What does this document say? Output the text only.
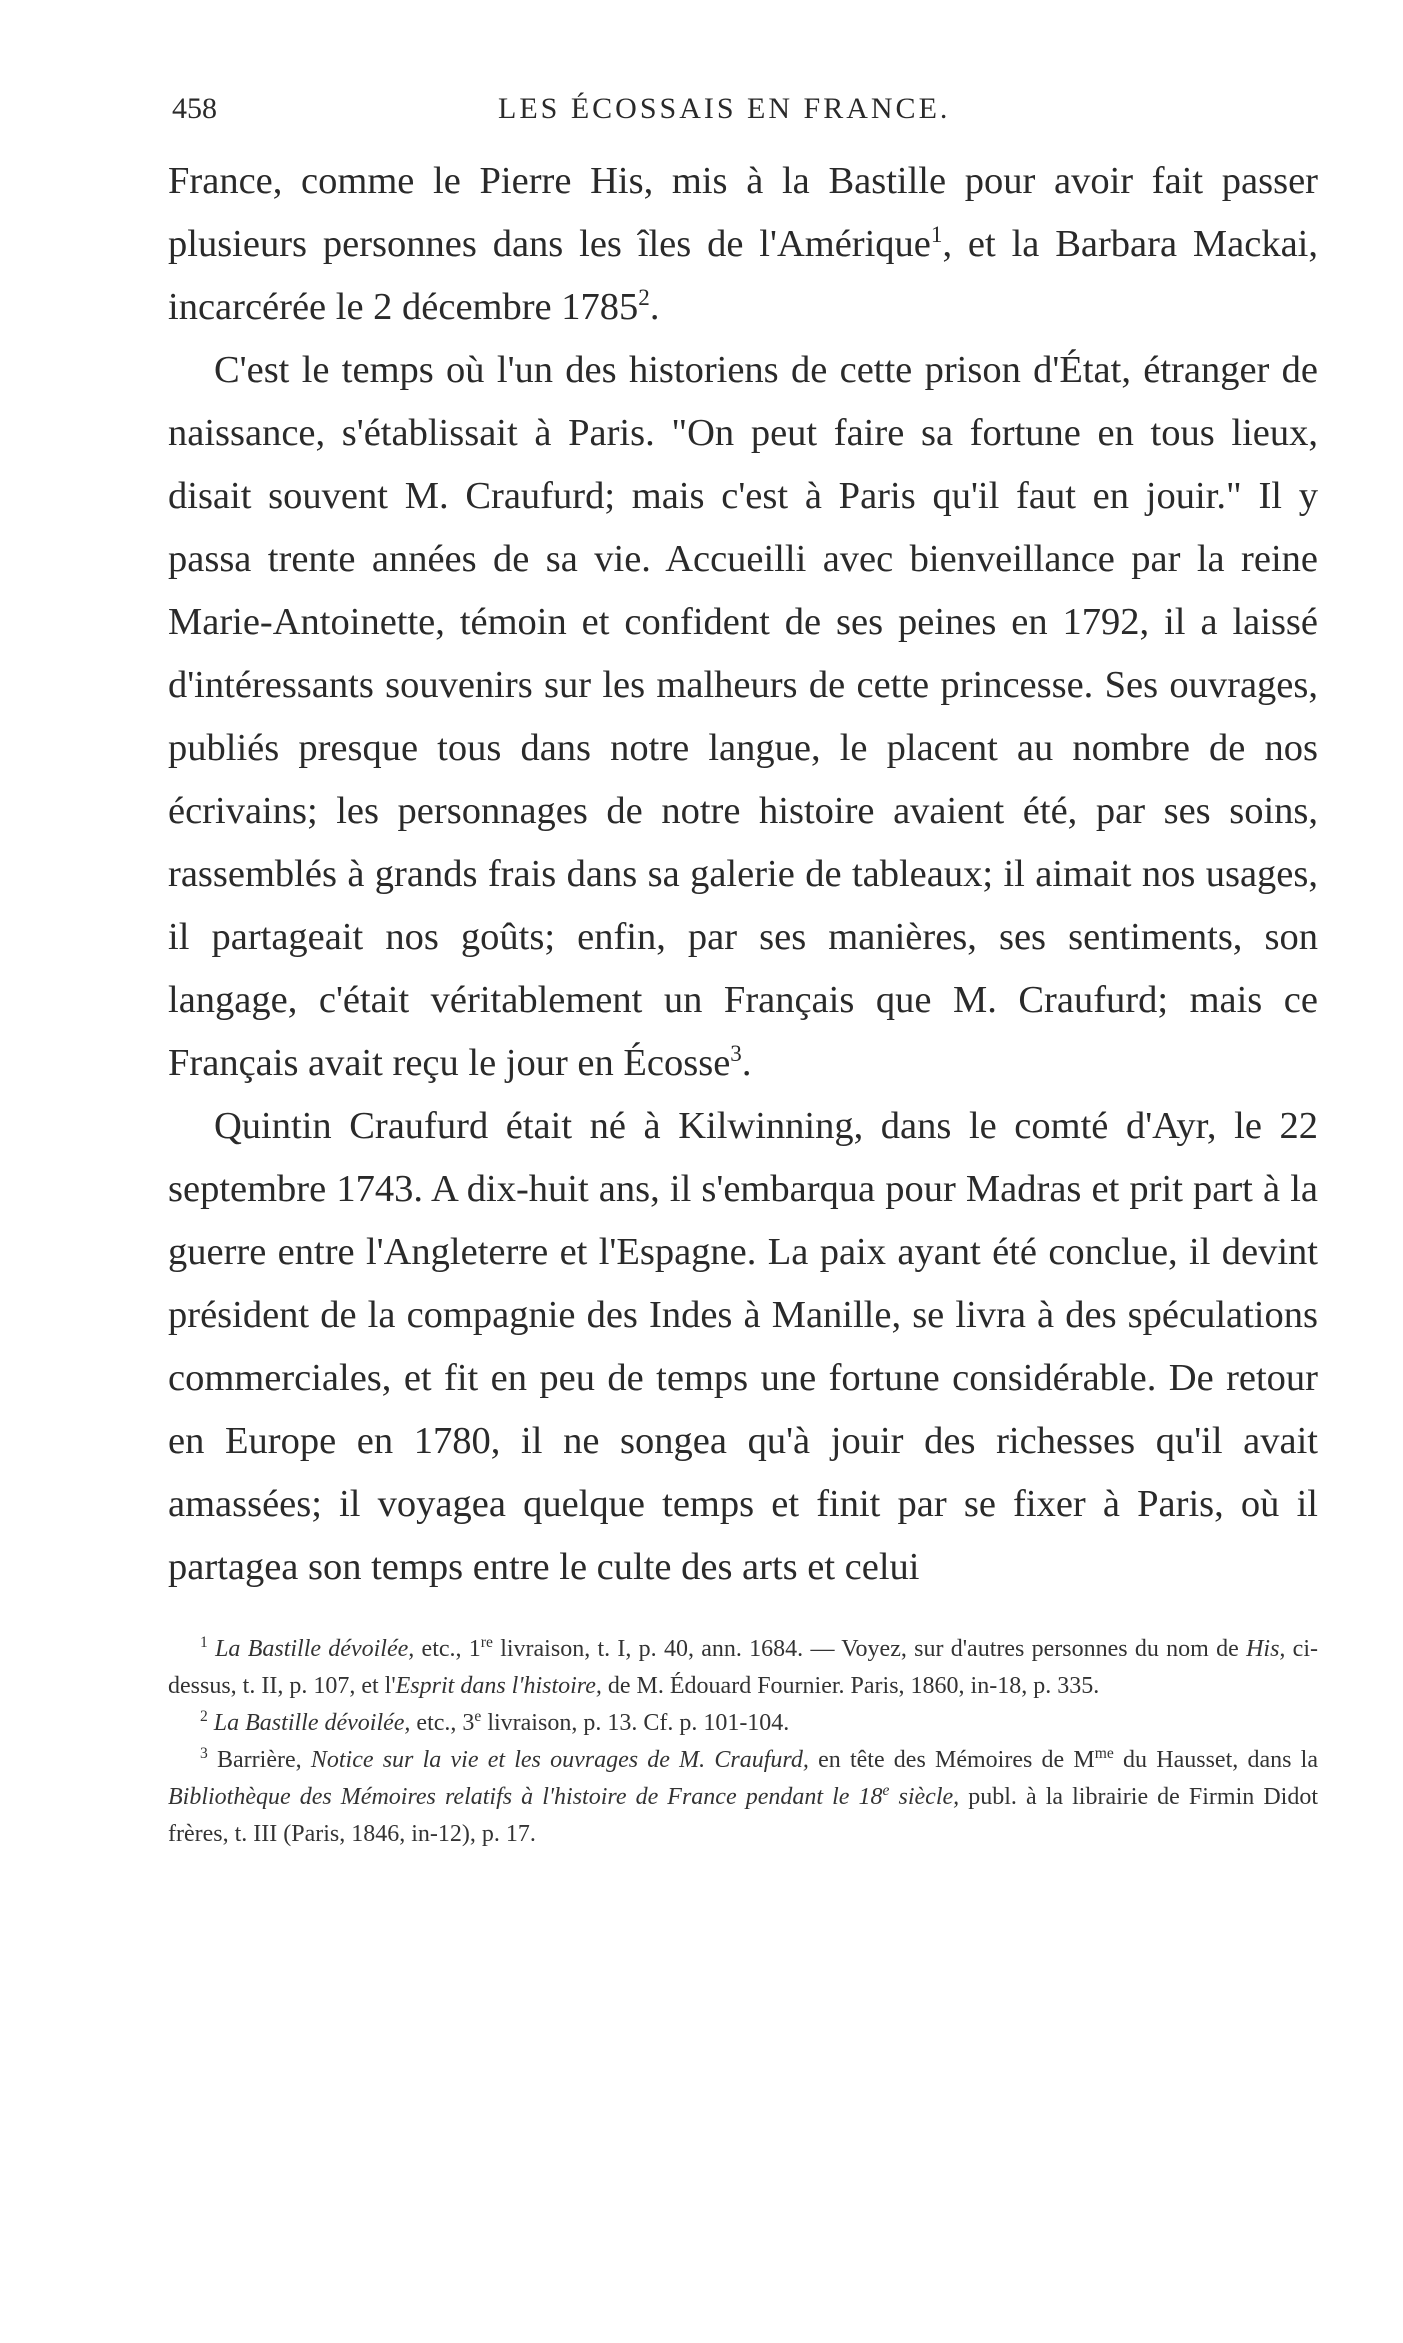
458	LES ÉCOSSAIS EN FRANCE.

France, comme le Pierre His, mis à la Bastille pour avoir fait passer plusieurs personnes dans les îles de l'Amérique$^1$, et la Barbara Mackai, incarcérée le 2 décembre 1785$^2$.

C'est le temps où l'un des historiens de cette prison d'État, étranger de naissance, s'établissait à Paris. "On peut faire sa fortune en tous lieux, disait souvent M. Craufurd; mais c'est à Paris qu'il faut en jouir." Il y passa trente années de sa vie. Accueilli avec bienveillance par la reine Marie-Antoinette, témoin et confident de ses peines en 1792, il a laissé d'intéressants souvenirs sur les malheurs de cette princesse. Ses ouvrages, publiés presque tous dans notre langue, le placent au nombre de nos écrivains; les personnages de notre histoire avaient été, par ses soins, rassemblés à grands frais dans sa galerie de tableaux; il aimait nos usages, il partageait nos goûts; enfin, par ses manières, ses sentiments, son langage, c'était véritablement un Français que M. Craufurd; mais ce Français avait reçu le jour en Écosse$^3$.

Quintin Craufurd était né à Kilwinning, dans le comté d'Ayr, le 22 septembre 1743. A dix-huit ans, il s'embarqua pour Madras et prit part à la guerre entre l'Angleterre et l'Espagne. La paix ayant été conclue, il devint président de la compagnie des Indes à Manille, se livra à des spéculations commerciales, et fit en peu de temps une fortune considérable. De retour en Europe en 1780, il ne songea qu'à jouir des richesses qu'il avait amassées; il voyagea quelque temps et finit par se fixer à Paris, où il partagea son temps entre le culte des arts et celui

$^1$ La Bastille dévoilée, etc., 1re livraison, t. I, p. 40, ann. 1684. — Voyez, sur d'autres personnes du nom de His, ci-dessus, t. II, p. 107, et l'Esprit dans l'histoire, de M. Édouard Fournier. Paris, 1860, in-18, p. 335.

$^2$ La Bastille dévoilée, etc., 3e livraison, p. 13. Cf. p. 101-104.

$^3$ Barrière, Notice sur la vie et les ouvrages de M. Craufurd, en tête des Mémoires de $M^{me}$ du Hausset, dans la Bibliothèque des Mémoires relatifs à l'histoire de France pendant le 18e siècle, publ. à la librairie de Firmin Didot frères, t. III (Paris, 1846, in-12), p. 17.
